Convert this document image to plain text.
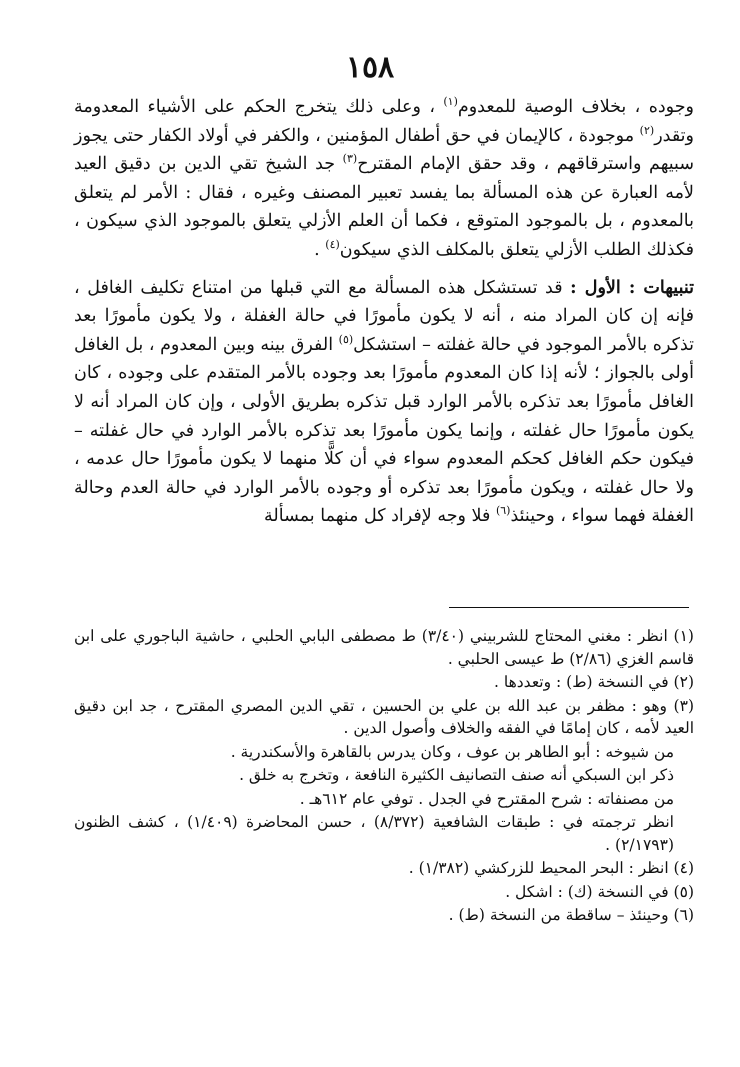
١٥٨

وجوده ، بخلاف الوصية للمعدوم$^{(١)}$ ، وعلى ذلك يتخرج الحكم على الأشياء المعدومة وتقدر$^{(٢)}$ موجودة ، كالإيمان في حق أطفال المؤمنين ، والكفر في أولاد الكفار حتى يجوز سبيهم واسترقاقهم ، وقد حقق الإمام المقترح$^{(٣)}$ جد الشيخ تقي الدين بن دقيق العيد لأمه العبارة عن هذه المسألة بما يفسد تعبير المصنف وغيره ، فقال : الأمر لم يتعلق بالمعدوم ، بل بالموجود المتوقع ، فكما أن العلم الأزلي يتعلق بالموجود الذي سيكون ، فكذلك الطلب الأزلي يتعلق بالمكلف الذي سيكون$^{(٤)}$ .

تنبيهات : الأول : قد تستشكل هذه المسألة مع التي قبلها من امتناع تكليف الغافل ، فإنه إن كان المراد منه ، أنه لا يكون مأمورًا في حالة الغفلة ، ولا يكون مأمورًا بعد تذكره بالأمر الموجود في حالة غفلته – استشكل$^{(٥)}$ الفرق بينه وبين المعدوم ، بل الغافل أولى بالجواز ؛ لأنه إذا كان المعدوم مأمورًا بعد وجوده بالأمر المتقدم على وجوده ، كان الغافل مأمورًا بعد تذكره بالأمر الوارد قبل تذكره بطريق الأولى ، وإن كان المراد أنه لا يكون مأمورًا حال غفلته ، وإنما يكون مأمورًا بعد تذكره بالأمر الوارد في حال غفلته – فيكون حكم الغافل كحكم المعدوم سواء في أن كلًّا منهما لا يكون مأمورًا حال عدمه ، ولا حال غفلته ، ويكون مأمورًا بعد تذكره أو وجوده بالأمر الوارد في حالة العدم وحالة الغفلة فهما سواء ، وحينئذ$^{(٦)}$ فلا وجه لإفراد كل منهما بمسألة

(١) انظر : مغني المحتاج للشربيني (٣/٤٠) ط مصطفى البابي الحلبي ، حاشية الباجوري على ابن قاسم الغزي (٢/٨٦) ط عيسى الحلبي .

(٢) في النسخة (ط) : وتعددها .

(٣) وهو : مظفر بن عبد الله بن علي بن الحسين ، تقي الدين المصري المقترح ، جد ابن دقيق العيد لأمه ، كان إمامًا في الفقه والخلاف وأصول الدين .

من شيوخه : أبو الطاهر بن عوف ، وكان يدرس بالقاهرة والأسكندرية .

ذكر ابن السبكي أنه صنف التصانيف الكثيرة النافعة ، وتخرج به خلق .

من مصنفاته : شرح المقترح في الجدل . توفي عام ٦١٢هـ .

انظر ترجمته في : طبقات الشافعية (٨/٣٧٢) ، حسن المحاضرة (١/٤٠٩) ، كشف الظنون (٢/١٧٩٣) .

(٤) انظر : البحر المحيط للزركشي (١/٣٨٢) .

(٥) في النسخة (ك) : اشكل .

(٦) وحينئذ – ساقطة من النسخة (ط) .
